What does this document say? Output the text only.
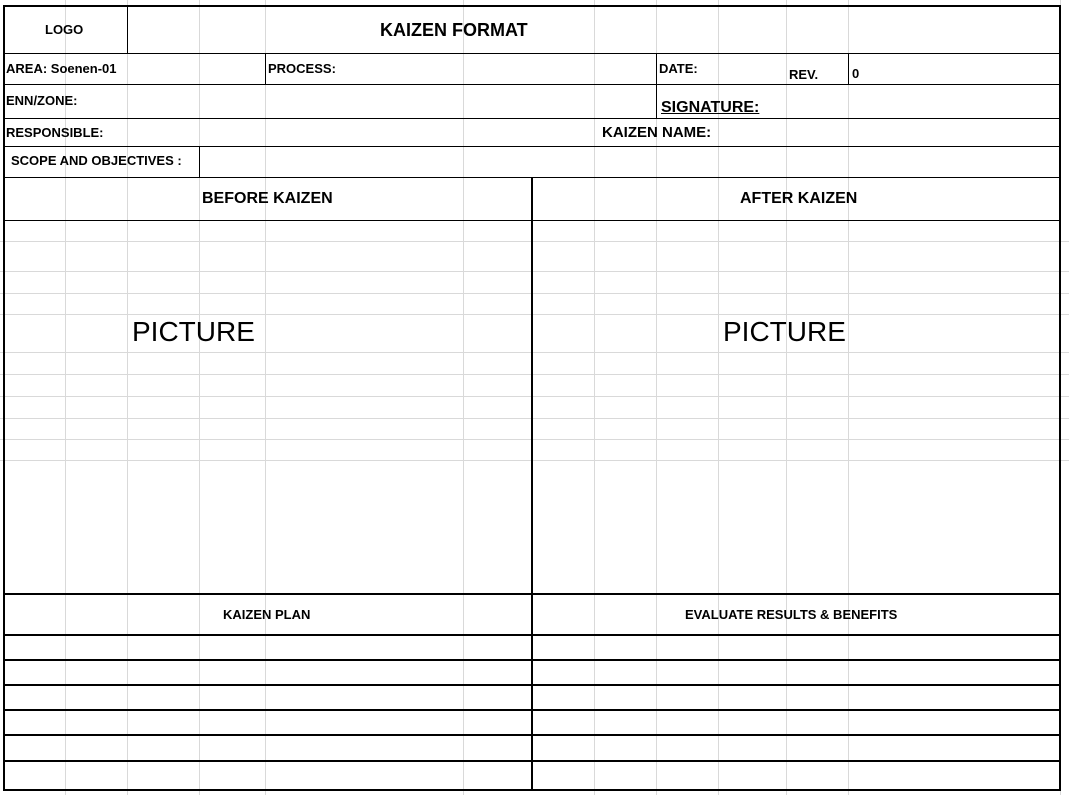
LOGO	KAIZEN FORMAT
AREA: Soenen-01	PROCESS:	DATE:	REV.	0
ENN/ZONE:	SIGNATURE:
RESPONSIBLE:	KAIZEN NAME:
SCOPE AND OBJECTIVES :
BEFORE KAIZEN	AFTER KAIZEN
PICTURE	PICTURE
KAIZEN PLAN	EVALUATE RESULTS & BENEFITS
